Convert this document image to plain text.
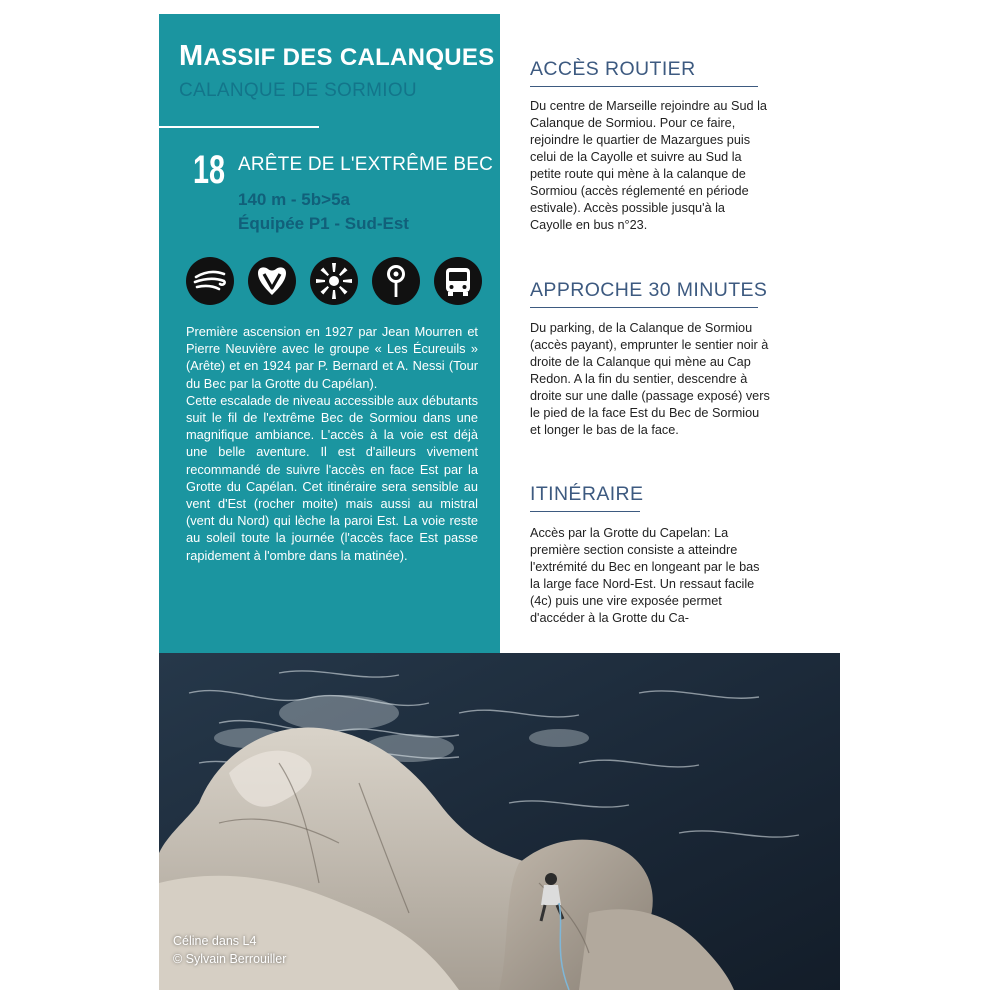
MASSIF DES CALANQUES
CALANQUE DE SORMIOU
18 ARÊTE DE L'EXTRÊME BEC
140 m - 5b>5a
Équipée P1 - Sud-Est

Première ascension en 1927 par Jean Mourren et Pierre Neuvière avec le groupe « Les Écureuils » (Arête) et en 1924 par P. Bernard et A. Nessi (Tour du Bec par la Grotte du Capélan).

Cette escalade de niveau accessible aux débutants suit le fil de l'extrême Bec de Sormiou dans une magnifique ambiance. L'accès à la voie est déjà une belle aventure. Il est d'ailleurs vivement recommandé de suivre l'accès en face Est par la Grotte du Capélan. Cet itinéraire sera sensible au vent d'Est (rocher moite) mais aussi au mistral (vent du Nord) qui lèche la paroi Est. La voie reste au soleil toute la journée (l'accès face Est passe rapidement à l'ombre dans la matinée).

ACCÈS ROUTIER
Du centre de Marseille rejoindre au Sud la Calanque de Sormiou. Pour ce faire, rejoindre le quartier de Mazargues puis celui de la Cayolle et suivre au Sud la petite route qui mène à la calanque de Sormiou (accès réglementé en période estivale). Accès possible jusqu'à la Cayolle en bus n°23.
APPROCHE 30 MINUTES
Du parking, de la Calanque de Sormiou (accès payant), emprunter le sentier noir à droite de la Calanque qui mène au Cap Redon. A la fin du sentier, descendre à droite sur une dalle (passage exposé) vers le pied de la face Est du Bec de Sormiou et longer le bas de la face.
ITINÉRAIRE
Accès par la Grotte du Capelan: La première section consiste a atteindre l'extrémité du Bec en longeant par le bas la large face Nord-Est. Un ressaut facile (4c) puis une vire exposée permet d'accéder à la Grotte du Ca-
Céline dans L4
© Sylvain Berrouiller
